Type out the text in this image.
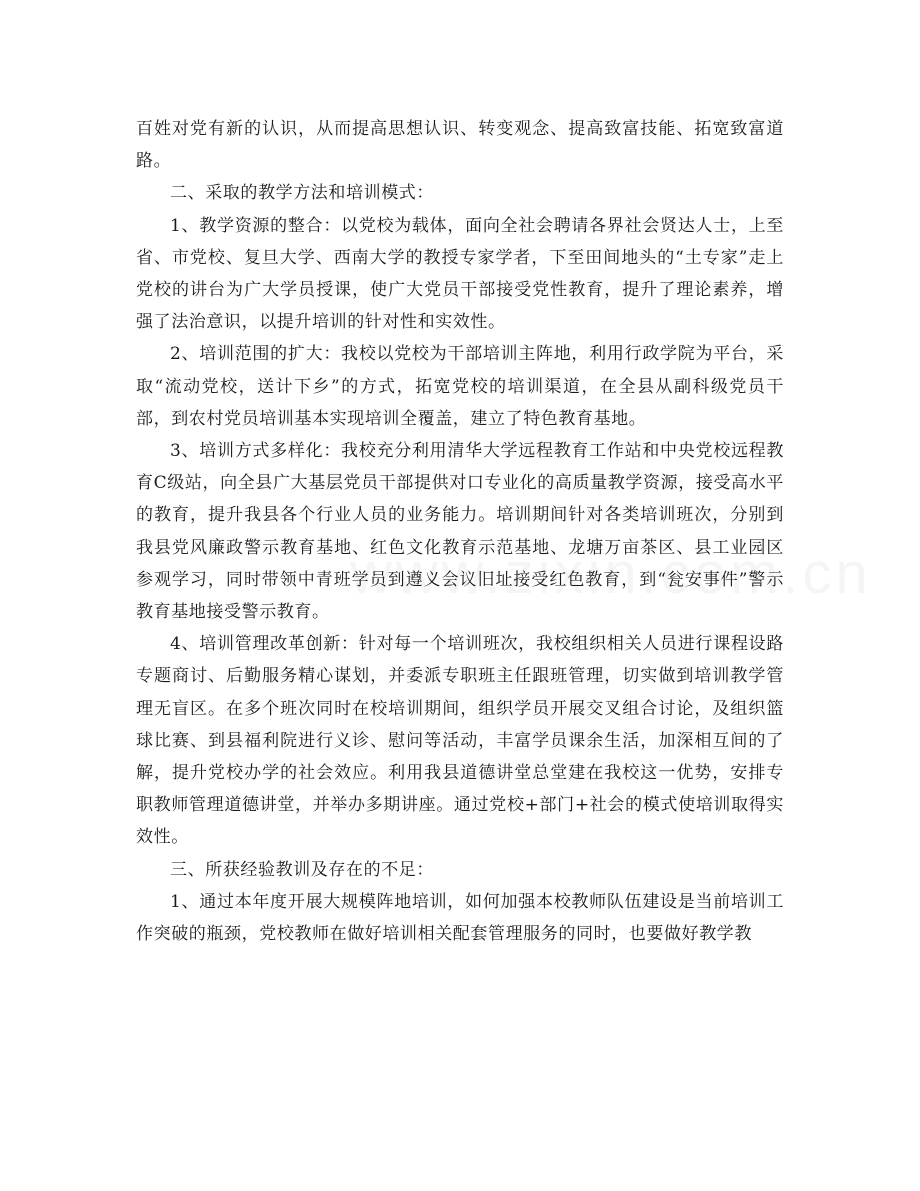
百姓对党有新的认识，从而提高思想认识、转变观念、提高致富技能、拓宽致富道路。

二、采取的教学方法和培训模式：

1、教学资源的整合：以党校为载体，面向全社会聘请各界社会贤达人士，上至省、市党校、复旦大学、西南大学的教授专家学者，下至田间地头的“土专家”走上党校的讲台为广大学员授课，使广大党员干部接受党性教育，提升了理论素养，增强了法治意识，以提升培训的针对性和实效性。

2、培训范围的扩大：我校以党校为干部培训主阵地，利用行政学院为平台，采取“流动党校，送计下乡”的方式，拓宽党校的培训渠道，在全县从副科级党员干部，到农村党员培训基本实现培训全覆盖，建立了特色教育基地。

3、培训方式多样化：我校充分利用清华大学远程教育工作站和中央党校远程教育C级站，向全县广大基层党员干部提供对口专业化的高质量教学资源，接受高水平的教育，提升我县各个行业人员的业务能力。培训期间针对各类培训班次，分别到我县党风廉政警示教育基地、红色文化教育示范基地、龙塘万亩茶区、县工业园区参观学习，同时带领中青班学员到遵义会议旧址接受红色教育，到“瓮安事件”警示教育基地接受警示教育。

4、培训管理改革创新：针对每一个培训班次，我校组织相关人员进行课程设路专题商讨、后勤服务精心谋划，并委派专职班主任跟班管理，切实做到培训教学管理无盲区。在多个班次同时在校培训期间，组织学员开展交叉组合讨论，及组织篮球比赛、到县福利院进行义诊、慰问等活动，丰富学员课余生活，加深相互间的了解，提升党校办学的社会效应。利用我县道德讲堂总堂建在我校这一优势，安排专职教师管理道德讲堂，并举办多期讲座。通过党校+部门+社会的模式使培训取得实效性。

三、所获经验教训及存在的不足：

1、通过本年度开展大规模阵地培训，如何加强本校教师队伍建设是当前培训工作突破的瓶颈，党校教师在做好培训相关配套管理服务的同时，也要做好教学教
